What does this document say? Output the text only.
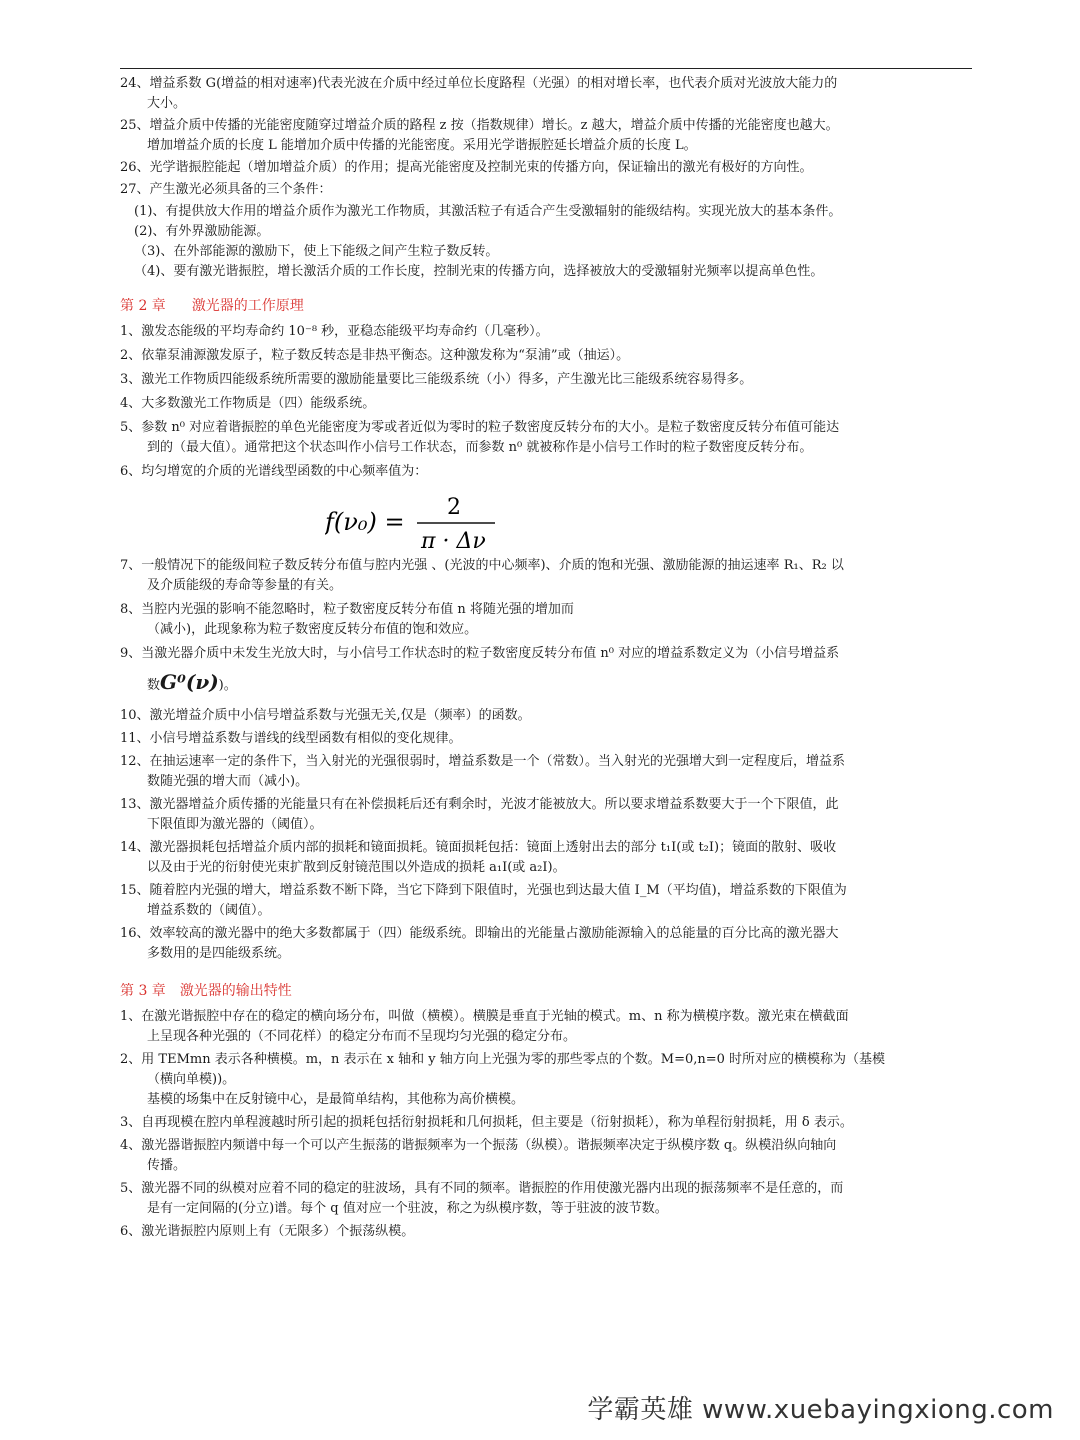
24、增益系数 G(增益的相对速率)代表光波在介质中经过单位长度路程（光强）的相对增长率，也代表介质对光波放大能力的

大小。

25、增益介质中传播的光能密度随穿过增益介质的路程 z 按（指数规律）增长。z 越大，增益介质中传播的光能密度也越大。

增加增益介质的长度 L 能增加介质中传播的光能密度。采用光学谐振腔延长增益介质的长度 L。

26、光学谐振腔能起（增加增益介质）的作用；提高光能密度及控制光束的传播方向，保证输出的激光有极好的方向性。

27、产生激光必须具备的三个条件：

(1)、有提供放大作用的增益介质作为激光工作物质，其激活粒子有适合产生受激辐射的能级结构。实现光放大的基本条件。

(2)、有外界激励能源。

（3)、在外部能源的激励下，使上下能级之间产生粒子数反转。

（4)、要有激光谐振腔，增长激活介质的工作长度，控制光束的传播方向，选择被放大的受激辐射光频率以提高单色性。

第 2 章 激光器的工作原理

1、激发态能级的平均寿命约 10⁻⁸ 秒，亚稳态能级平均寿命约（几毫秒）。

2、依靠泵浦源激发原子，粒子数反转态是非热平衡态。这种激发称为“泵浦”或（抽运）。

3、激光工作物质四能级系统所需要的激励能量要比三能级系统（小）得多，产生激光比三能级系统容易得多。

4、大多数激光工作物质是（四）能级系统。

5、参数 n⁰ 对应着谐振腔的单色光能密度为零或者近似为零时的粒子数密度反转分布的大小。是粒子数密度反转分布值可能达

到的（最大值）。通常把这个状态叫作小信号工作状态，而参数 n⁰ 就被称作是小信号工作时的粒子数密度反转分布。

6、均匀增宽的介质的光谱线型函数的中心频率值为：

f(ν₀) =
2
π · Δν

7、一般情况下的能级间粒子数反转分布值与腔内光强 、(光波的中心频率)、介质的饱和光强、激励能源的抽运速率 R₁、R₂ 以

及介质能级的寿命等参量的有关。

8、当腔内光强的影响不能忽略时，粒子数密度反转分布值 n 将随光强的增加而

（减小)，此现象称为粒子数密度反转分布值的饱和效应。

9、当激光器介质中未发生光放大时，与小信号工作状态时的粒子数密度反转分布值 n⁰ 对应的增益系数定义为（小信号增益系

数G⁰(ν))。

10、激光增益介质中小信号增益系数与光强无关,仅是（频率）的函数。

11、小信号增益系数与谱线的线型函数有相似的变化规律。

12、在抽运速率一定的条件下，当入射光的光强很弱时，增益系数是一个（常数）。当入射光的光强增大到一定程度后，增益系

数随光强的增大而（减小)。

13、激光器增益介质传播的光能量只有在补偿损耗后还有剩余时，光波才能被放大。所以要求增益系数要大于一个下限值，此

下限值即为激光器的（阈值）。

14、激光器损耗包括增益介质内部的损耗和镜面损耗。镜面损耗包括：镜面上透射出去的部分 t₁I(或 t₂I)；镜面的散射、吸收

以及由于光的衍射使光束扩散到反射镜范围以外造成的损耗 a₁I(或 a₂I)。

15、随着腔内光强的增大，增益系数不断下降，当它下降到下限值时，光强也到达最大值 I_M（平均值)，增益系数的下限值为

增益系数的（阈值）。

16、效率较高的激光器中的绝大多数都属于（四）能级系统。即输出的光能量占激励能源输入的总能量的百分比高的激光器大

多数用的是四能级系统。

第 3 章 激光器的输出特性

1、在激光谐振腔中存在的稳定的横向场分布，叫做（横模）。横膜是垂直于光轴的模式。m、n 称为横模序数。激光束在横截面

上呈现各种光强的（不同花样）的稳定分布而不呈现均匀光强的稳定分布。

2、用 TEMmn 表示各种横模。m，n 表示在 x 轴和 y 轴方向上光强为零的那些零点的个数。M=0,n=0 时所对应的横模称为（基模

（横向单模))。

基模的场集中在反射镜中心，是最简单结构，其他称为高价横模。

3、自再现模在腔内单程渡越时所引起的损耗包括衍射损耗和几何损耗，但主要是（衍射损耗），称为单程衍射损耗，用 δ 表示。

4、激光器谐振腔内频谱中每一个可以产生振荡的谐振频率为一个振荡（纵模）。谐振频率决定于纵模序数 q。纵模沿纵向轴向

传播。

5、激光器不同的纵模对应着不同的稳定的驻波场，具有不同的频率。谐振腔的作用使激光器内出现的振荡频率不是任意的，而

是有一定间隔的(分立)谱。每个 q 值对应一个驻波，称之为纵模序数，等于驻波的波节数。

6、激光谐振腔内原则上有（无限多）个振荡纵模。

学霸英雄 www.xuebayingxiong.com
